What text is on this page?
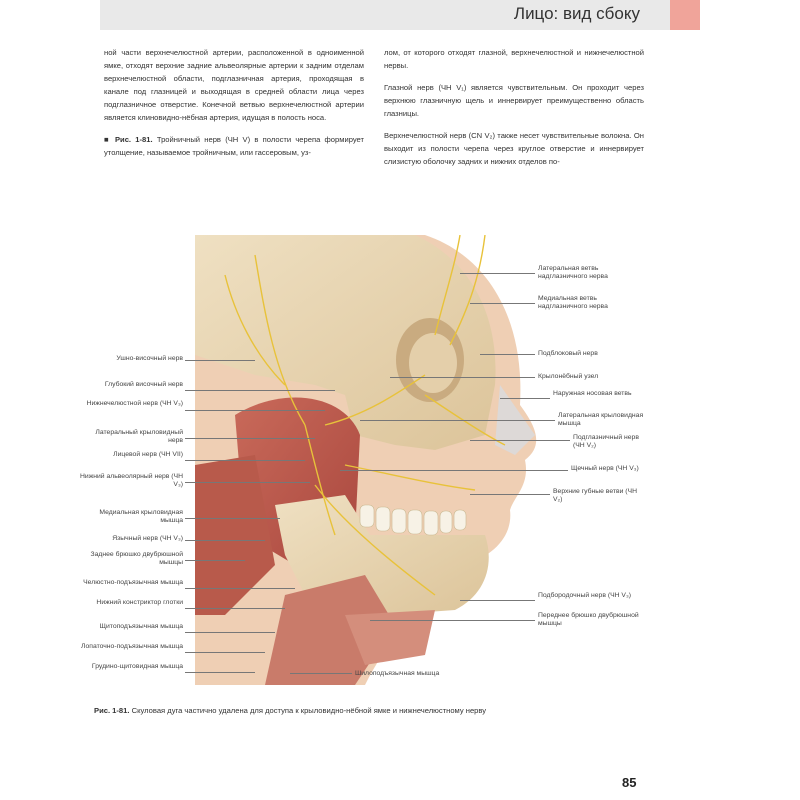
Лицо: вид сбоку

ной части верхнечелюстной артерии, расположенной в одноименной ямке, отходят верхние задние альвеолярные артерии к задним отделам верхнечелюстной области, подглазничная артерия, проходящая в канале под глазницей и выходящая в средней области лица через подглазничное отверстие. Конечной ветвью верхнечелюстной артерии является клиновидно-нёбная артерия, идущая в полость носа.

■ Рис. 1-81. Тройничный нерв (ЧН V) в полости черепа формирует утолщение, называемое тройничным, или гассеровым, уз-

лом, от которого отходят глазной, верхнечелюстной и нижнечелюстной нервы.

Глазной нерв (ЧН V₁) является чувствительным. Он проходит через верхнюю глазничную щель и иннервирует преимущественно область глазницы.

Верхнечелюстной нерв (CN V₂) также несет чувствительные волокна. Он выходит из полости черепа через круглое отверстие и иннервирует слизистую оболочку задних и нижних отделов по-

Ушно-височный нерв
Глубокий височный нерв
Нижнечелюстной нерв (ЧН V₃)
Латеральный крыловидный нерв
Лицевой нерв (ЧН VII)
Нижний альвеолярный нерв (ЧН V₃)
Медиальная крыловидная мышца
Язычный нерв (ЧН V₃)
Заднее брюшко двубрюшной мышцы
Челюстно-подъязычная мышца
Нижний констриктор глотки
Щитоподъязычная мышца
Лопаточно-подъязычная мышца
Грудино-щитовидная мышца
Латеральная ветвь надглазничного нерва
Медиальная ветвь надглазничного нерва
Подблоковый нерв
Крылонёбный узел
Наружная носовая ветвь
Латеральная крыловидная мышца
Подглазничный нерв (ЧН V₂)
Щечный нерв (ЧН V₃)
Верхние губные ветви (ЧН V₂)
Подбородочный нерв (ЧН V₃)
Переднее брюшко двубрюшной мышцы
Шилоподъязычная мышца
Рис. 1-81. Скуловая дуга частично удалена для доступа к крыловидно-нёбной ямке и нижнечелюстному нерву
85
